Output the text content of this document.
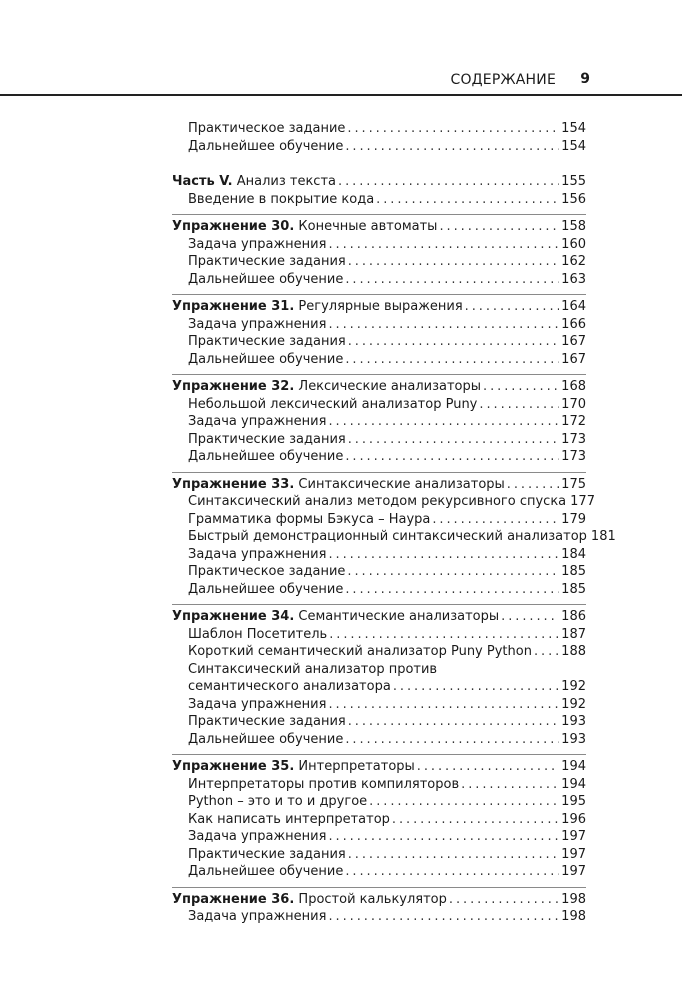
СОДЕРЖАНИЕ 9
Практическое задание . . .	154
Дальнейшее обучение . . .	154
Часть V. Анализ текста . . .	155
Введение в покрытие кода . . .	156
Упражнение 30. Конечные автоматы . . .	158
Задача упражнения . . .	160
Практические задания . . .	162
Дальнейшее обучение . . .	163
Упражнение 31. Регулярные выражения . . .	164
Задача упражнения . . .	166
Практические задания . . .	167
Дальнейшее обучение . . .	167
Упражнение 32. Лексические анализаторы . . .	168
Небольшой лексический анализатор Puny . . .	170
Задача упражнения . . .	172
Практические задания . . .	173
Дальнейшее обучение . . .	173
Упражнение 33. Синтаксические анализаторы . . .	175
Синтаксический анализ методом рекурсивного спуска 177
Грамматика формы Бэкуса – Наура . . .	179
Быстрый демонстрационный синтаксический анализатор 181
Задача упражнения . . .	184
Практическое задание . . .	185
Дальнейшее обучение . . .	185
Упражнение 34. Семантические анализаторы . . .	186
Шаблон Посетитель . . .	187
Короткий семантический анализатор Puny Python . . . 188
Синтаксический анализатор против
семантического анализатора . . .	192
Задача упражнения . . .	192
Практические задания . . .	193
Дальнейшее обучение . . .	193
Упражнение 35. Интерпретаторы . . .	194
Интерпретаторы против компиляторов . . .	194
Python – это и то и другое . . .	195
Как написать интерпретатор . . .	196
Задача упражнения . . .	197
Практические задания . . .	197
Дальнейшее обучение . . .	197
Упражнение 36. Простой калькулятор . . .	198
Задача упражнения . . .	198
